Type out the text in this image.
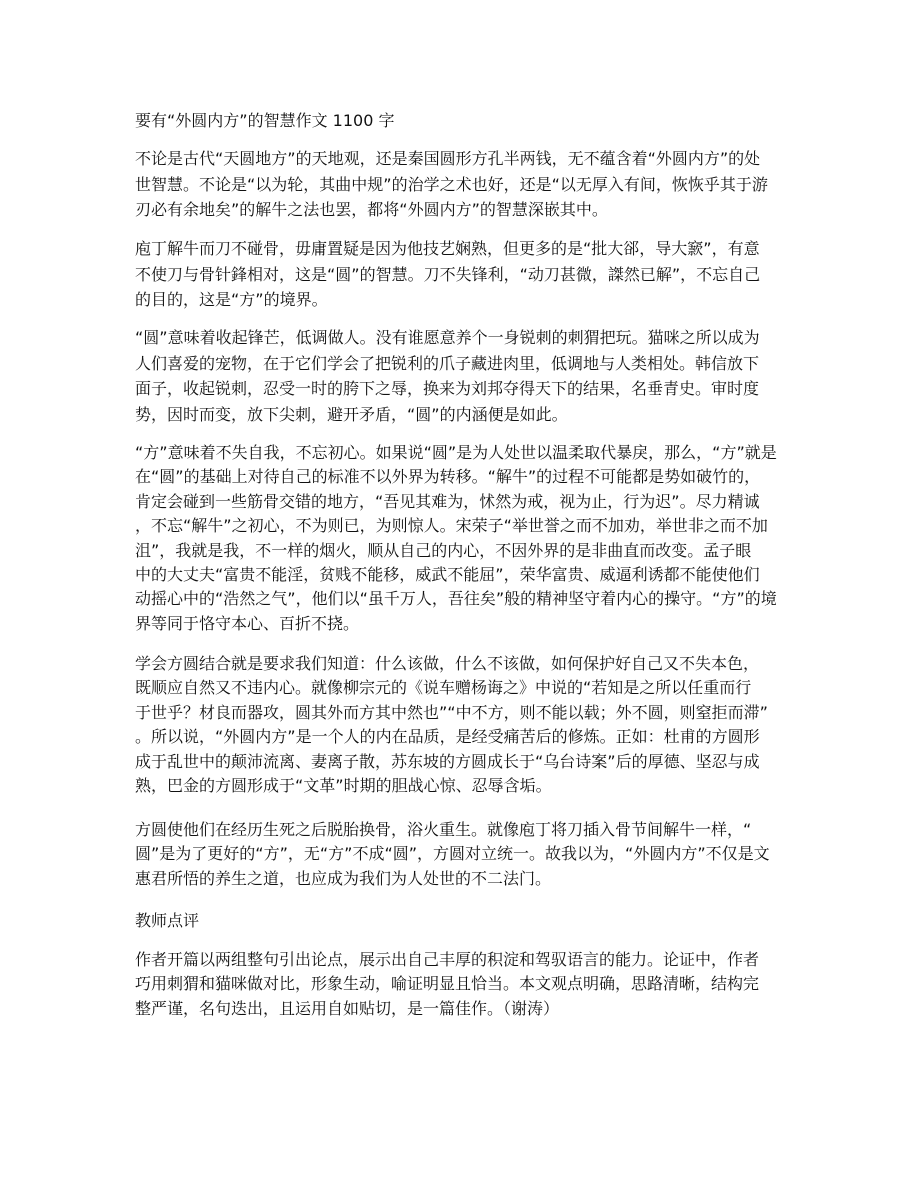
要有“外圆内方”的智慧作文 1100 字
不论是古代“天圆地方”的天地观，还是秦国圆形方孔半两钱，无不蕴含着“外圆内方”的处
世智慧。不论是“以为轮，其曲中规”的治学之术也好，还是“以无厚入有间，恢恢乎其于游
刃必有余地矣”的解牛之法也罢，都将“外圆内方”的智慧深嵌其中。
庖丁解牛而刀不碰骨，毋庸置疑是因为他技艺娴熟，但更多的是“批大郤，导大窾”，有意
不使刀与骨针鋒相对，这是“圆”的智慧。刀不失锋利，“动刀甚微，謋然已解”，不忘自己
的目的，这是“方”的境界。
“圆”意味着收起锋芒，低调做人。没有谁愿意养个一身锐刺的刺猬把玩。猫咪之所以成为
人们喜爱的宠物，在于它们学会了把锐利的爪子藏进肉里，低调地与人类相处。韩信放下
面子，收起锐刺，忍受一时的胯下之辱，换来为刘邦夺得天下的结果，名垂青史。审时度
势，因时而变，放下尖刺，避开矛盾，“圆”的内涵便是如此。
“方”意味着不失自我，不忘初心。如果说“圆”是为人处世以温柔取代暴戾，那么，“方”就是
在“圆”的基础上对待自己的标准不以外界为转移。“解牛”的过程不可能都是势如破竹的，
肯定会碰到一些筋骨交错的地方，“吾见其难为，怵然为戒，视为止，行为迟”。尽力精诚
，不忘“解牛”之初心，不为则已，为则惊人。宋荣子“举世誉之而不加劝，举世非之而不加
沮”，我就是我，不一样的烟火，顺从自己的内心，不因外界的是非曲直而改变。孟子眼
中的大丈夫“富贵不能淫，贫贱不能移，威武不能屈”，荣华富贵、威逼利诱都不能使他们
动摇心中的“浩然之气”，他们以“虽千万人，吾往矣”般的精神坚守着内心的操守。“方”的境
界等同于恪守本心、百折不挠。
学会方圆结合就是要求我们知道：什么该做，什么不该做，如何保护好自己又不失本色，
既顺应自然又不违内心。就像柳宗元的《说车赠杨诲之》中说的“若知是之所以任重而行
于世乎？材良而器攻，圆其外而方其中然也”“中不方，则不能以载；外不圆，则窒拒而滞”
。所以说，“外圆内方”是一个人的内在品质，是经受痛苦后的修炼。正如：杜甫的方圆形
成于乱世中的颠沛流离、妻离子散，苏东坡的方圆成长于“乌台诗案”后的厚德、坚忍与成
熟，巴金的方圆形成于“文革”时期的胆战心惊、忍辱含垢。
方圆使他们在经历生死之后脱胎换骨，浴火重生。就像庖丁将刀插入骨节间解牛一样，“
圆”是为了更好的“方”，无“方”不成“圆”，方圆对立统一。故我以为，“外圆内方”不仅是文
惠君所悟的养生之道，也应成为我们为人处世的不二法门。
教师点评
作者开篇以两组整句引出论点，展示出自己丰厚的积淀和驾驭语言的能力。论证中，作者
巧用刺猬和猫咪做对比，形象生动，喻证明显且恰当。本文观点明确，思路清晰，结构完
整严谨，名句迭出，且运用自如贴切，是一篇佳作。（谢涛）
